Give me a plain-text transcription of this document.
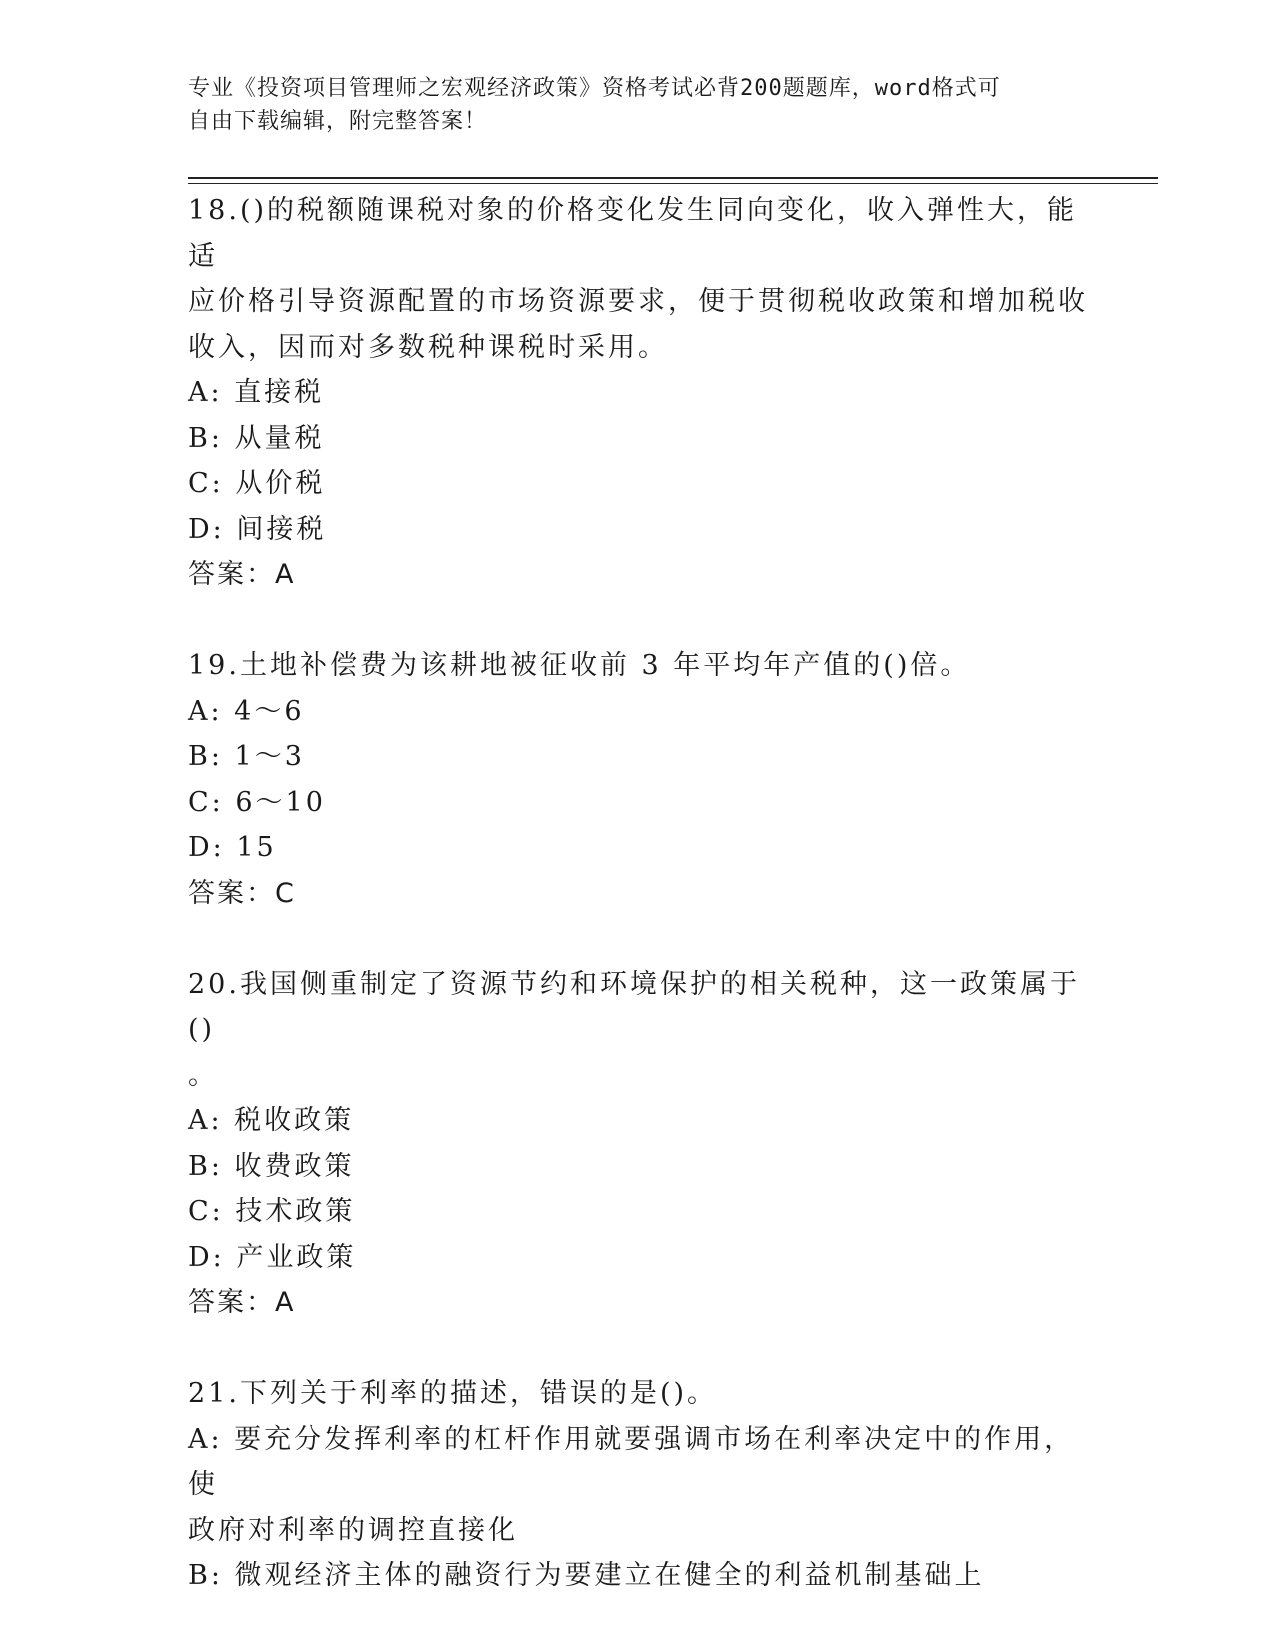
专业《投资项目管理师之宏观经济政策》资格考试必背200题题库，word格式可
自由下载编辑，附完整答案！
18.()的税额随课税对象的价格变化发生同向变化，收入弹性大，能适
应价格引导资源配置的市场资源要求，便于贯彻税收政策和增加税收
收入，因而对多数税种课税时采用。
A: 直接税
B: 从量税
C: 从价税
D: 间接税
答案：A
19.土地补偿费为该耕地被征收前 3 年平均年产值的()倍。
A: 4～6
B: 1～3
C: 6～10
D: 15
答案：C
20.我国侧重制定了资源节约和环境保护的相关税种，这一政策属于()
。
A: 税收政策
B: 收费政策
C: 技术政策
D: 产业政策
答案：A
21.下列关于利率的描述，错误的是()。
A: 要充分发挥利率的杠杆作用就要强调市场在利率决定中的作用，使
政府对利率的调控直接化
B: 微观经济主体的融资行为要建立在健全的利益机制基础上
